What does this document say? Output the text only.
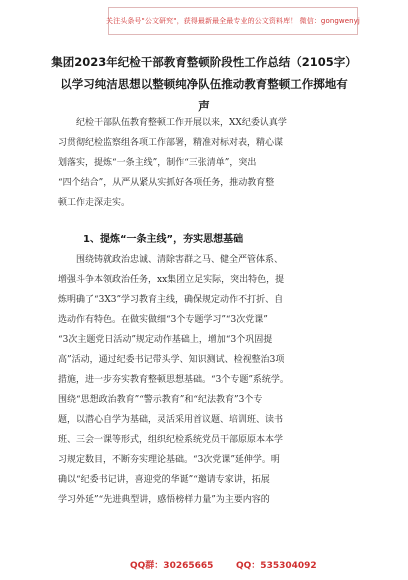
关注头条号"公文研究"，获得最新最全最专业的公文资料库！ 微信：gongwenyj
集团2023年纪检干部教育整顿阶段性工作总结（2105字）
以学习纯洁思想以整顿纯净队伍推动教育整顿工作掷地有
声
纪检干部队伍教育整顿工作开展以来，XX纪委认真学
习贯彻纪检监察组各项工作部署，精准对标对表，精心谋
划落实，提炼“一条主线”，制作“三张清单”，突出
“四个结合”，从严从紧从实抓好各项任务，推动教育整
顿工作走深走实。
1、提炼“一条主线”，夯实思想基础
围绕铸就政治忠诚、清除害群之马、健全严管体系、
增强斗争本领政治任务，xx集团立足实际，突出特色，提
炼明确了“3X3”学习教育主线，确保规定动作不打折、自
选动作有特色。在做实做细“3个专题学习”“3次党课”
“3次主题党日活动”规定动作基础上，增加“3个巩固提
高”活动，通过纪委书记带头学、知识测试、检视整治3项
措施，进一步夯实教育整顿思想基础。“3个专题”系统学。
围绕“思想政治教育”“警示教育”和“纪法教育”3个专
题，以潜心自学为基础，灵活采用首议题、培训班、读书
班、三会一课等形式，组织纪检系统党员干部原原本本学
习规定数目，不断夯实理论基础。“3次党课”延伸学。明
确以“纪委书记讲，喜迎党的华诞”“邀请专家讲，拓展
学习外延”“先进典型讲，感悟榜样力量”为主要内容的
QQ群：30265665	QQ：535304092
